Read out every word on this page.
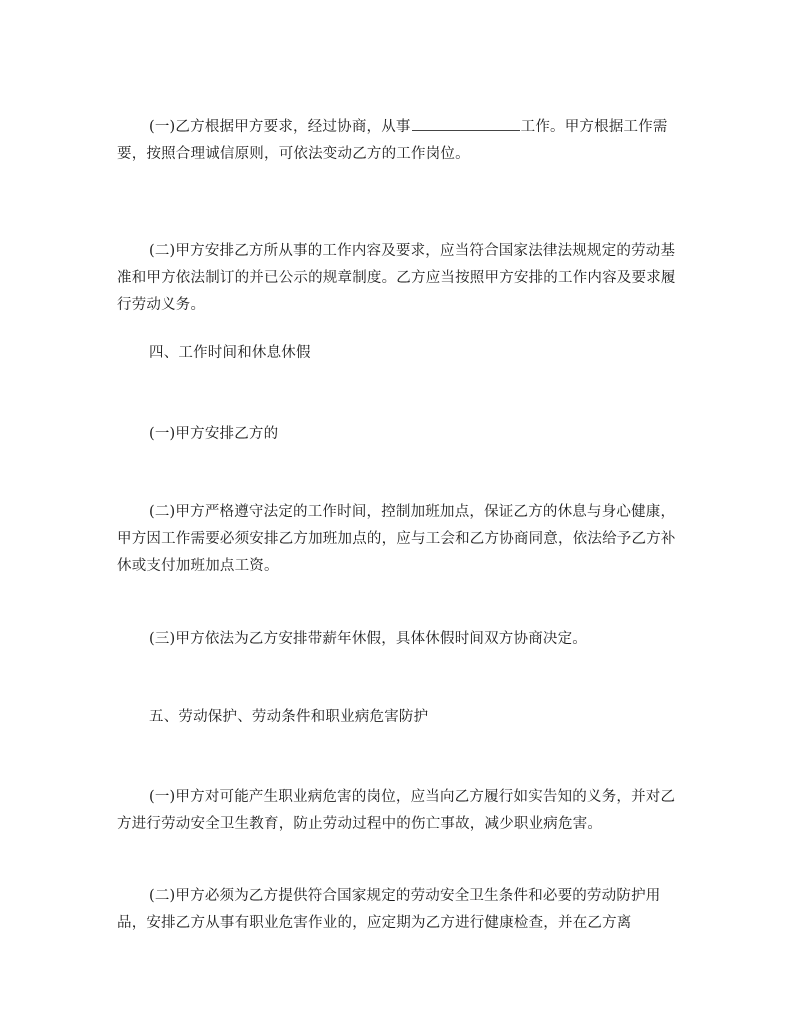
(一)乙方根据甲方要求，经过协商，从事	工作。甲方根据工作需要，按照合理诚信原则，可依法变动乙方的工作岗位。

(二)甲方安排乙方所从事的工作内容及要求，应当符合国家法律法规规定的劳动基准和甲方依法制订的并已公示的规章制度。乙方应当按照甲方安排的工作内容及要求履行劳动义务。

四、工作时间和休息休假

(一)甲方安排乙方的

(二)甲方严格遵守法定的工作时间，控制加班加点，保证乙方的休息与身心健康，甲方因工作需要必须安排乙方加班加点的，应与工会和乙方协商同意，依法给予乙方补休或支付加班加点工资。

(三)甲方依法为乙方安排带薪年休假，具体休假时间双方协商决定。

五、劳动保护、劳动条件和职业病危害防护

(一)甲方对可能产生职业病危害的岗位，应当向乙方履行如实告知的义务，并对乙方进行劳动安全卫生教育，防止劳动过程中的伤亡事故，减少职业病危害。

(二)甲方必须为乙方提供符合国家规定的劳动安全卫生条件和必要的劳动防护用品，安排乙方从事有职业危害作业的，应定期为乙方进行健康检查，并在乙方离
